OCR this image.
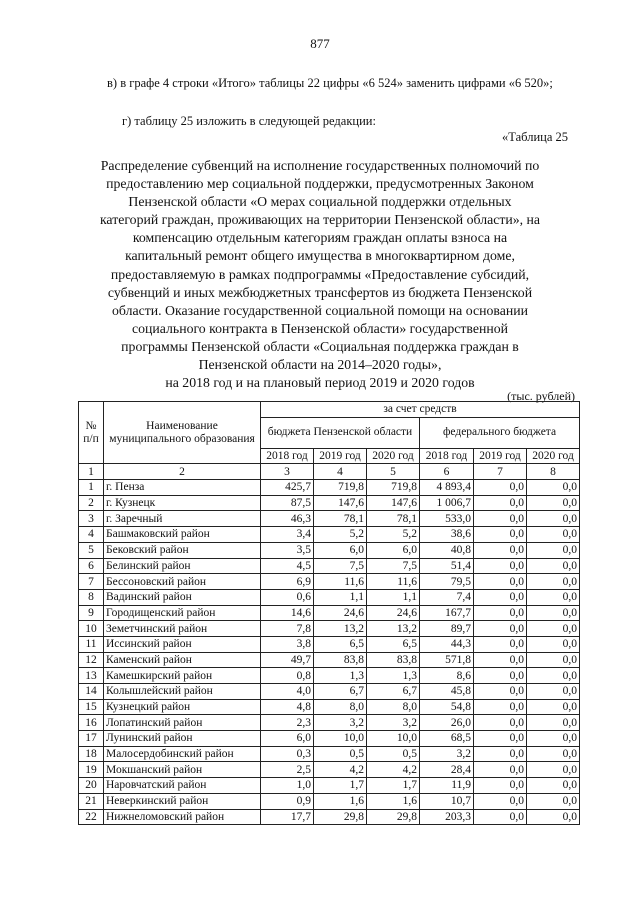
877
в) в графе 4 строки «Итого» таблицы 22 цифры «6 524» заменить цифрами «6 520»;
г) таблицу 25 изложить в следующей редакции:
«Таблица 25
Распределение субвенций на исполнение государственных полномочий по
предоставлению мер социальной поддержки, предусмотренных Законом
Пензенской области «О мерах социальной поддержки отдельных
категорий граждан, проживающих на территории Пензенской области», на
компенсацию отдельным категориям граждан оплаты взноса на
капитальный ремонт общего имущества в многоквартирном доме,
предоставляемую в рамках подпрограммы «Предоставление субсидий,
субвенций и иных межбюджетных трансфертов из бюджета Пензенской
области. Оказание государственной социальной помощи на основании
социального контракта в Пензенской области» государственной
программы Пензенской области «Социальная поддержка граждан в
Пензенской области на 2014–2020 годы»,
на 2018 год и на плановый период 2019 и 2020 годов
(тыс. рублей)
№ п/п	Наименование муниципального образования	за счет средств					
		бюджета Пензенской области			федерального бюджета		
		2018 год	2019 год	2020 год	2018 год	2019 год	2020 год
1	2	3	4	5	6	7	8
1	г. Пенза	425,7	719,8	719,8	4 893,4	0,0	0,0
2	г. Кузнецк	87,5	147,6	147,6	1 006,7	0,0	0,0
3	г. Заречный	46,3	78,1	78,1	533,0	0,0	0,0
4	Башмаковский район	3,4	5,2	5,2	38,6	0,0	0,0
5	Бековский район	3,5	6,0	6,0	40,8	0,0	0,0
6	Белинский район	4,5	7,5	7,5	51,4	0,0	0,0
7	Бессоновский район	6,9	11,6	11,6	79,5	0,0	0,0
8	Вадинский район	0,6	1,1	1,1	7,4	0,0	0,0
9	Городищенский район	14,6	24,6	24,6	167,7	0,0	0,0
10	Земетчинский район	7,8	13,2	13,2	89,7	0,0	0,0
11	Иссинский район	3,8	6,5	6,5	44,3	0,0	0,0
12	Каменский район	49,7	83,8	83,8	571,8	0,0	0,0
13	Камешкирский район	0,8	1,3	1,3	8,6	0,0	0,0
14	Колышлейский район	4,0	6,7	6,7	45,8	0,0	0,0
15	Кузнецкий район	4,8	8,0	8,0	54,8	0,0	0,0
16	Лопатинский район	2,3	3,2	3,2	26,0	0,0	0,0
17	Лунинский район	6,0	10,0	10,0	68,5	0,0	0,0
18	Малосердобинский район	0,3	0,5	0,5	3,2	0,0	0,0
19	Мокшанский район	2,5	4,2	4,2	28,4	0,0	0,0
20	Наровчатский район	1,0	1,7	1,7	11,9	0,0	0,0
21	Неверкинский район	0,9	1,6	1,6	10,7	0,0	0,0
22	Нижнеломовский район	17,7	29,8	29,8	203,3	0,0	0,0
